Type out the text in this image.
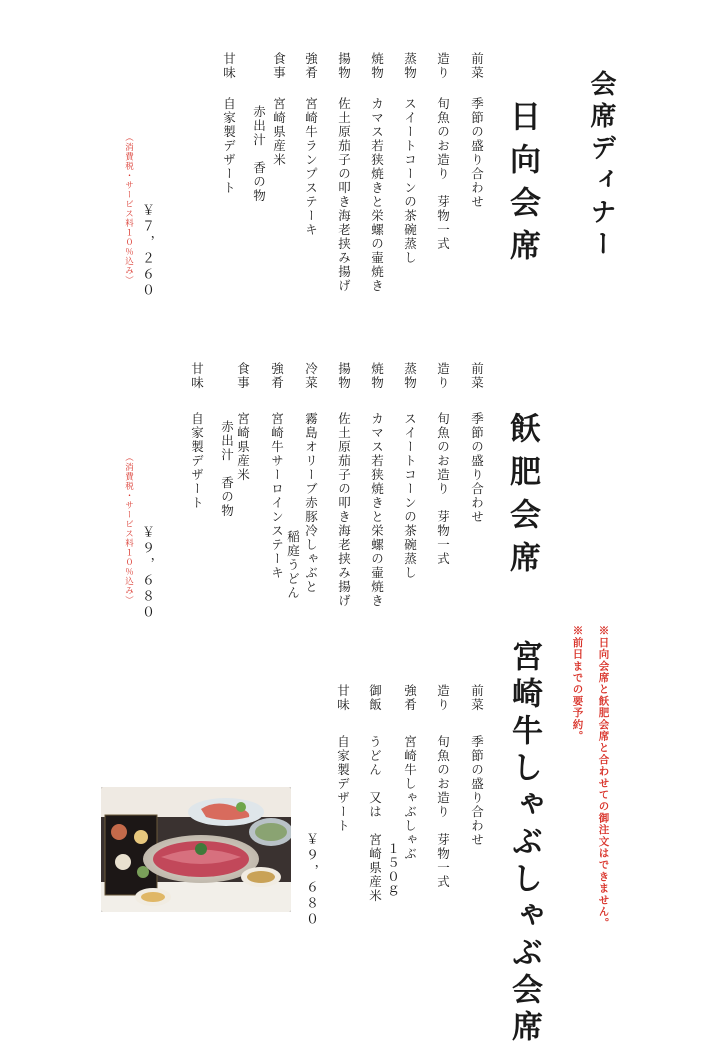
会席ディナー
日向会席
前菜
季節の盛り合わせ
造り
旬魚のお造り　芽物一式
蒸物
スイートコーンの茶碗蒸し
焼物
カマス若狭焼きと栄螺の壷焼き
揚物
佐土原茄子の叩き海老挟み揚げ
強肴
宮崎牛ランプステーキ
食事
宮崎県産米
赤出汁　香の物
甘味
自家製デザート
￥７，２６０
（消費税・サービス料１０％込み）
飫肥会席
前菜
季節の盛り合わせ
造り
旬魚のお造り　芽物一式
蒸物
スイートコーンの茶碗蒸し
焼物
カマス若狭焼きと栄螺の壷焼き
揚物
佐土原茄子の叩き海老挟み揚げ
冷菜
霧島オリーブ赤豚冷しゃぶと
稲庭うどん
強肴
宮崎牛サーロインステーキ
食事
宮崎県産米
赤出汁　香の物
甘味
自家製デザート
￥９，６８０
（消費税・サービス料１０％込み）
※日向会席と飫肥会席と合わせての御注文はできません。
※前日までの要予約。
宮崎牛しゃぶしゃぶ会席
前菜
季節の盛り合わせ
造り
旬魚のお造り　芽物一式
強肴
宮崎牛しゃぶしゃぶ
１５０ｇ
御飯
うどん　又は　宮崎県産米
甘味
自家製デザート
￥９，６８０
